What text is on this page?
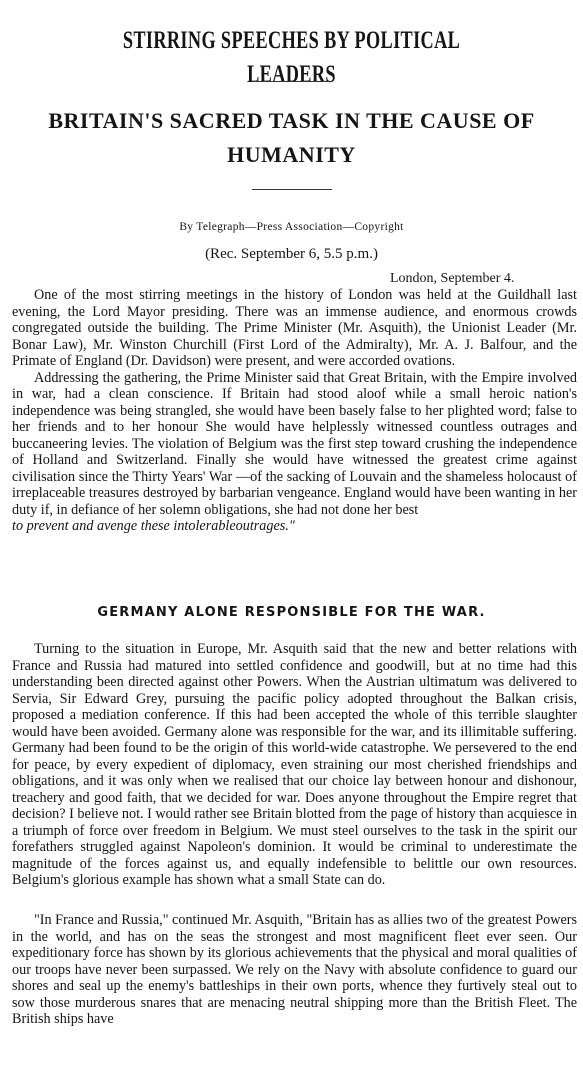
STIRRING SPEECHES BY POLITICAL LEADERS
BRITAIN'S SACRED TASK IN THE CAUSE OF HUMANITY
By Telegraph—Press Association—Copyright
(Rec. September 6, 5.5 p.m.)
London, September 4.

One of the most stirring meetings in the history of London was held at the Guildhall last evening, the Lord Mayor presiding. There was an immense audience, and enormous crowds congregated outside the building. The Prime Minister (Mr. Asquith), the Unionist Leader (Mr. Bonar Law), Mr. Winston Churchill (First Lord of the Admiralty), Mr. A. J. Balfour, and the Primate of England (Dr. Davidson) were present, and were accorded ovations.

Addressing the gathering, the Prime Minister said that Great Britain, with the Empire involved in war, had a clean conscience. If Britain had stood aloof while a small heroic nation's independence was being strangled, she would have been basely false to her plighted word; false to her friends and to her honour She would have helplessly witnessed countless outrages and buccaneering levies. The violation of Belgium was the first step toward crushing the independence of Holland and Switzerland. Finally she would have witnessed the greatest crime against civilisation since the Thirty Years' War —of the sacking of Louvain and the shameless holocaust of irreplaceable treasures destroyed by barbarian vengeance. England would have been wanting in her duty if, in defiance of her solemn obligations, she had not done her best

to prevent and avenge these intolerableoutrages."

GERMANY ALONE RESPONSIBLE FOR THE WAR.

Turning to the situation in Europe, Mr. Asquith said that the new and better relations with France and Russia had matured into settled confidence and goodwill, but at no time had this understanding been directed against other Powers. When the Austrian ultimatum was delivered to Servia, Sir Edward Grey, pursuing the pacific policy adopted throughout the Balkan crisis, proposed a mediation conference. If this had been accepted the whole of this terrible slaughter would have been avoided. Germany alone was responsible for the war, and its illimitable suffering. Germany had been found to be the origin of this world-wide catastrophe. We persevered to the end for peace, by every expedient of diplomacy, even straining our most cherished friendships and obligations, and it was only when we realised that our choice lay between honour and dishonour, treachery and good faith, that we decided for war. Does anyone throughout the Empire regret that decision? I believe not. I would rather see Britain blotted from the page of history than acquiesce in a triumph of force over freedom in Belgium. We must steel ourselves to the task in the spirit our forefathers struggled against Napoleon's dominion. It would be criminal to underestimate the magnitude of the forces against us, and equally indefensible to belittle our own resources. Belgium's glorious example has shown what a small State can do.

"In France and Russia," continued Mr. Asquith, "Britain has as allies two of the greatest Powers in the world, and has on the seas the strongest and most magnificent fleet ever seen. Our expeditionary force has shown by its glorious achievements that the physical and moral qualities of our troops have never been surpassed. We rely on the Navy with absolute confidence to guard our shores and seal up the enemy's battleships in their own ports, whence they furtively steal out to sow those murderous snares that are menacing neutral shipping more than the British Fleet. The British ships have
